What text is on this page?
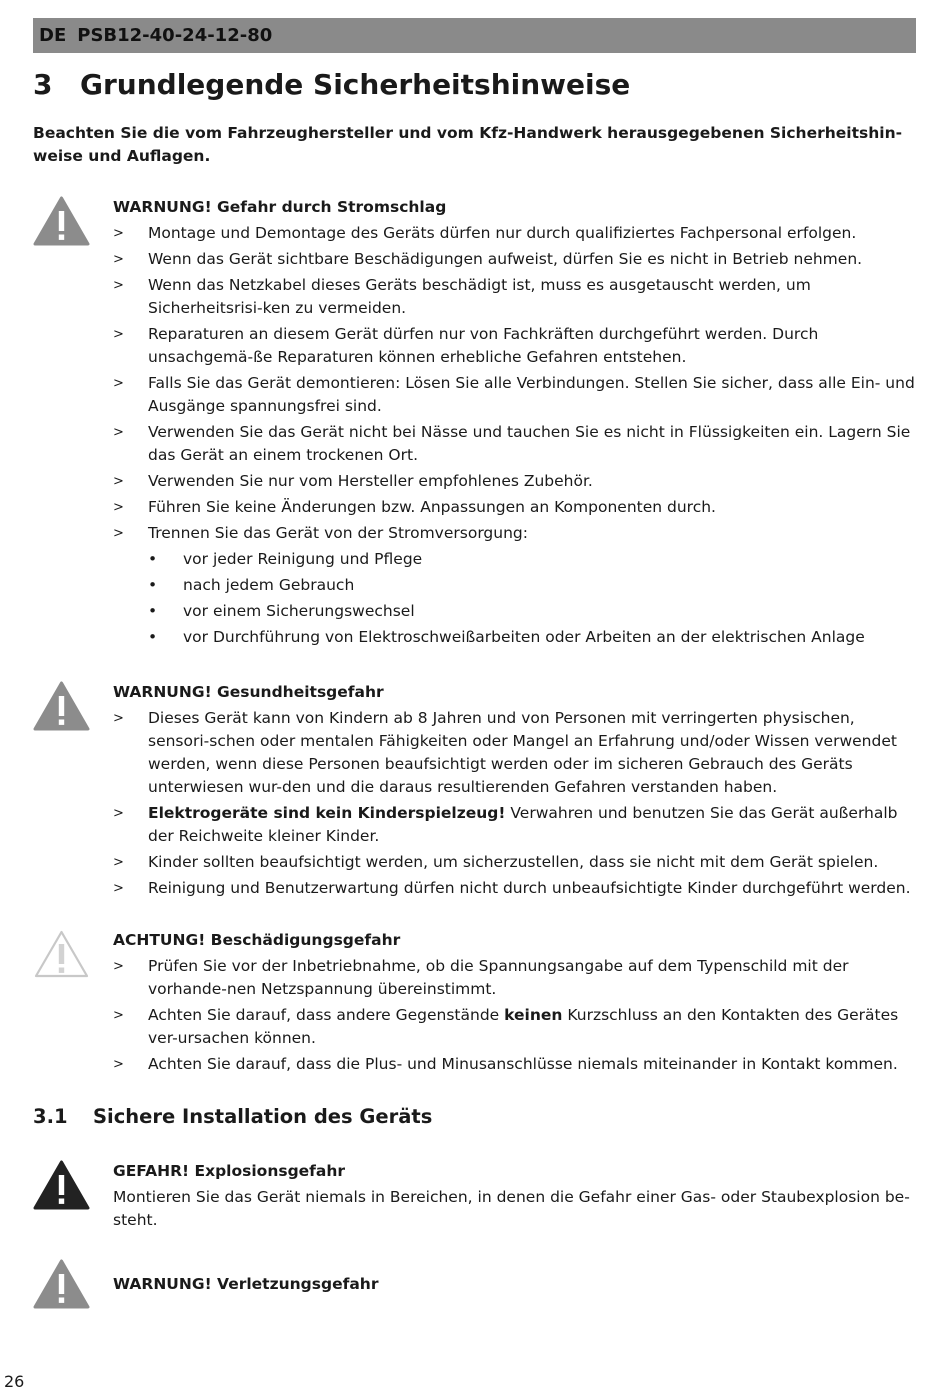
DE PSB12-40-24-12-80
3 Grundlegende Sicherheitshinweise

Beachten Sie die vom Fahrzeughersteller und vom Kfz-Handwerk herausgegebenen Sicherheitshin-weise und Auflagen.

WARNUNG! Gefahr durch Stromschlag
> Montage und Demontage des Geräts dürfen nur durch qualifiziertes Fachpersonal erfolgen.
> Wenn das Gerät sichtbare Beschädigungen aufweist, dürfen Sie es nicht in Betrieb nehmen.
> Wenn das Netzkabel dieses Geräts beschädigt ist, muss es ausgetauscht werden, um Sicherheitsrisi-ken zu vermeiden.
> Reparaturen an diesem Gerät dürfen nur von Fachkräften durchgeführt werden. Durch unsachgemä-ße Reparaturen können erhebliche Gefahren entstehen.
> Falls Sie das Gerät demontieren: Lösen Sie alle Verbindungen. Stellen Sie sicher, dass alle Ein- und Ausgänge spannungsfrei sind.
> Verwenden Sie das Gerät nicht bei Nässe und tauchen Sie es nicht in Flüssigkeiten ein. Lagern Sie das Gerät an einem trockenen Ort.
> Verwenden Sie nur vom Hersteller empfohlenes Zubehör.
> Führen Sie keine Änderungen bzw. Anpassungen an Komponenten durch.
> Trennen Sie das Gerät von der Stromversorgung:
• vor jeder Reinigung und Pflege
• nach jedem Gebrauch
• vor einem Sicherungswechsel
• vor Durchführung von Elektroschweißarbeiten oder Arbeiten an der elektrischen Anlage
WARNUNG! Gesundheitsgefahr
> Dieses Gerät kann von Kindern ab 8 Jahren und von Personen mit verringerten physischen, sensori-schen oder mentalen Fähigkeiten oder Mangel an Erfahrung und/oder Wissen verwendet werden, wenn diese Personen beaufsichtigt werden oder im sicheren Gebrauch des Geräts unterwiesen wur-den und die daraus resultierenden Gefahren verstanden haben.
> Elektrogeräte sind kein Kinderspielzeug! Verwahren und benutzen Sie das Gerät außerhalb der Reichweite kleiner Kinder.
> Kinder sollten beaufsichtigt werden, um sicherzustellen, dass sie nicht mit dem Gerät spielen.
> Reinigung und Benutzerwartung dürfen nicht durch unbeaufsichtigte Kinder durchgeführt werden.
ACHTUNG! Beschädigungsgefahr
> Prüfen Sie vor der Inbetriebnahme, ob die Spannungsangabe auf dem Typenschild mit der vorhande-nen Netzspannung übereinstimmt.
> Achten Sie darauf, dass andere Gegenstände keinen Kurzschluss an den Kontakten des Gerätes ver-ursachen können.
> Achten Sie darauf, dass die Plus- und Minusanschlüsse niemals miteinander in Kontakt kommen.
3.1 Sichere Installation des Geräts
GEFAHR! Explosionsgefahr

Montieren Sie das Gerät niemals in Bereichen, in denen die Gefahr einer Gas- oder Staubexplosion be-steht.

WARNUNG! Verletzungsgefahr
26
